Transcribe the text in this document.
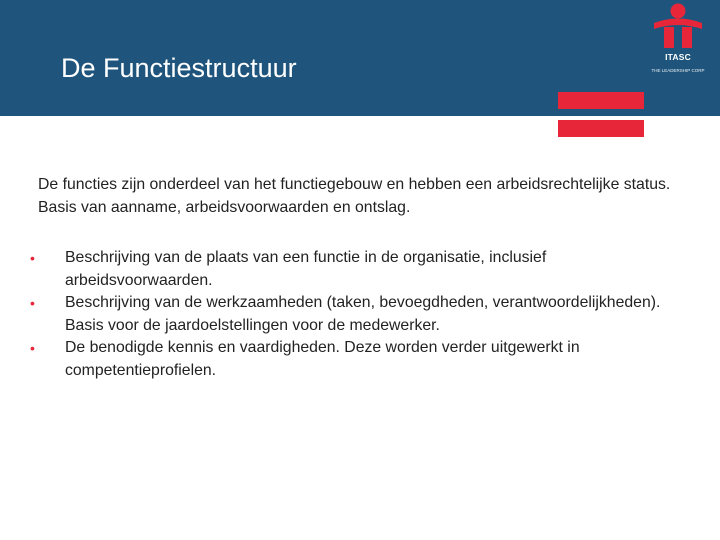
De Functiestructuur	ITASC
THE LEADERSHIP CORP

De functies zijn onderdeel van het functiegebouw en hebben een arbeidsrechtelijke status. Basis van aanname, arbeidsvoorwaarden en ontslag.

•	Beschrijving van de plaats van een functie in de organisatie, inclusief arbeidsvoorwaarden.
•	Beschrijving van de werkzaamheden (taken, bevoegdheden, verantwoordelijkheden). Basis voor de jaardoelstellingen voor de medewerker.
•	De benodigde kennis en vaardigheden. Deze worden verder uitgewerkt in competentieprofielen.
